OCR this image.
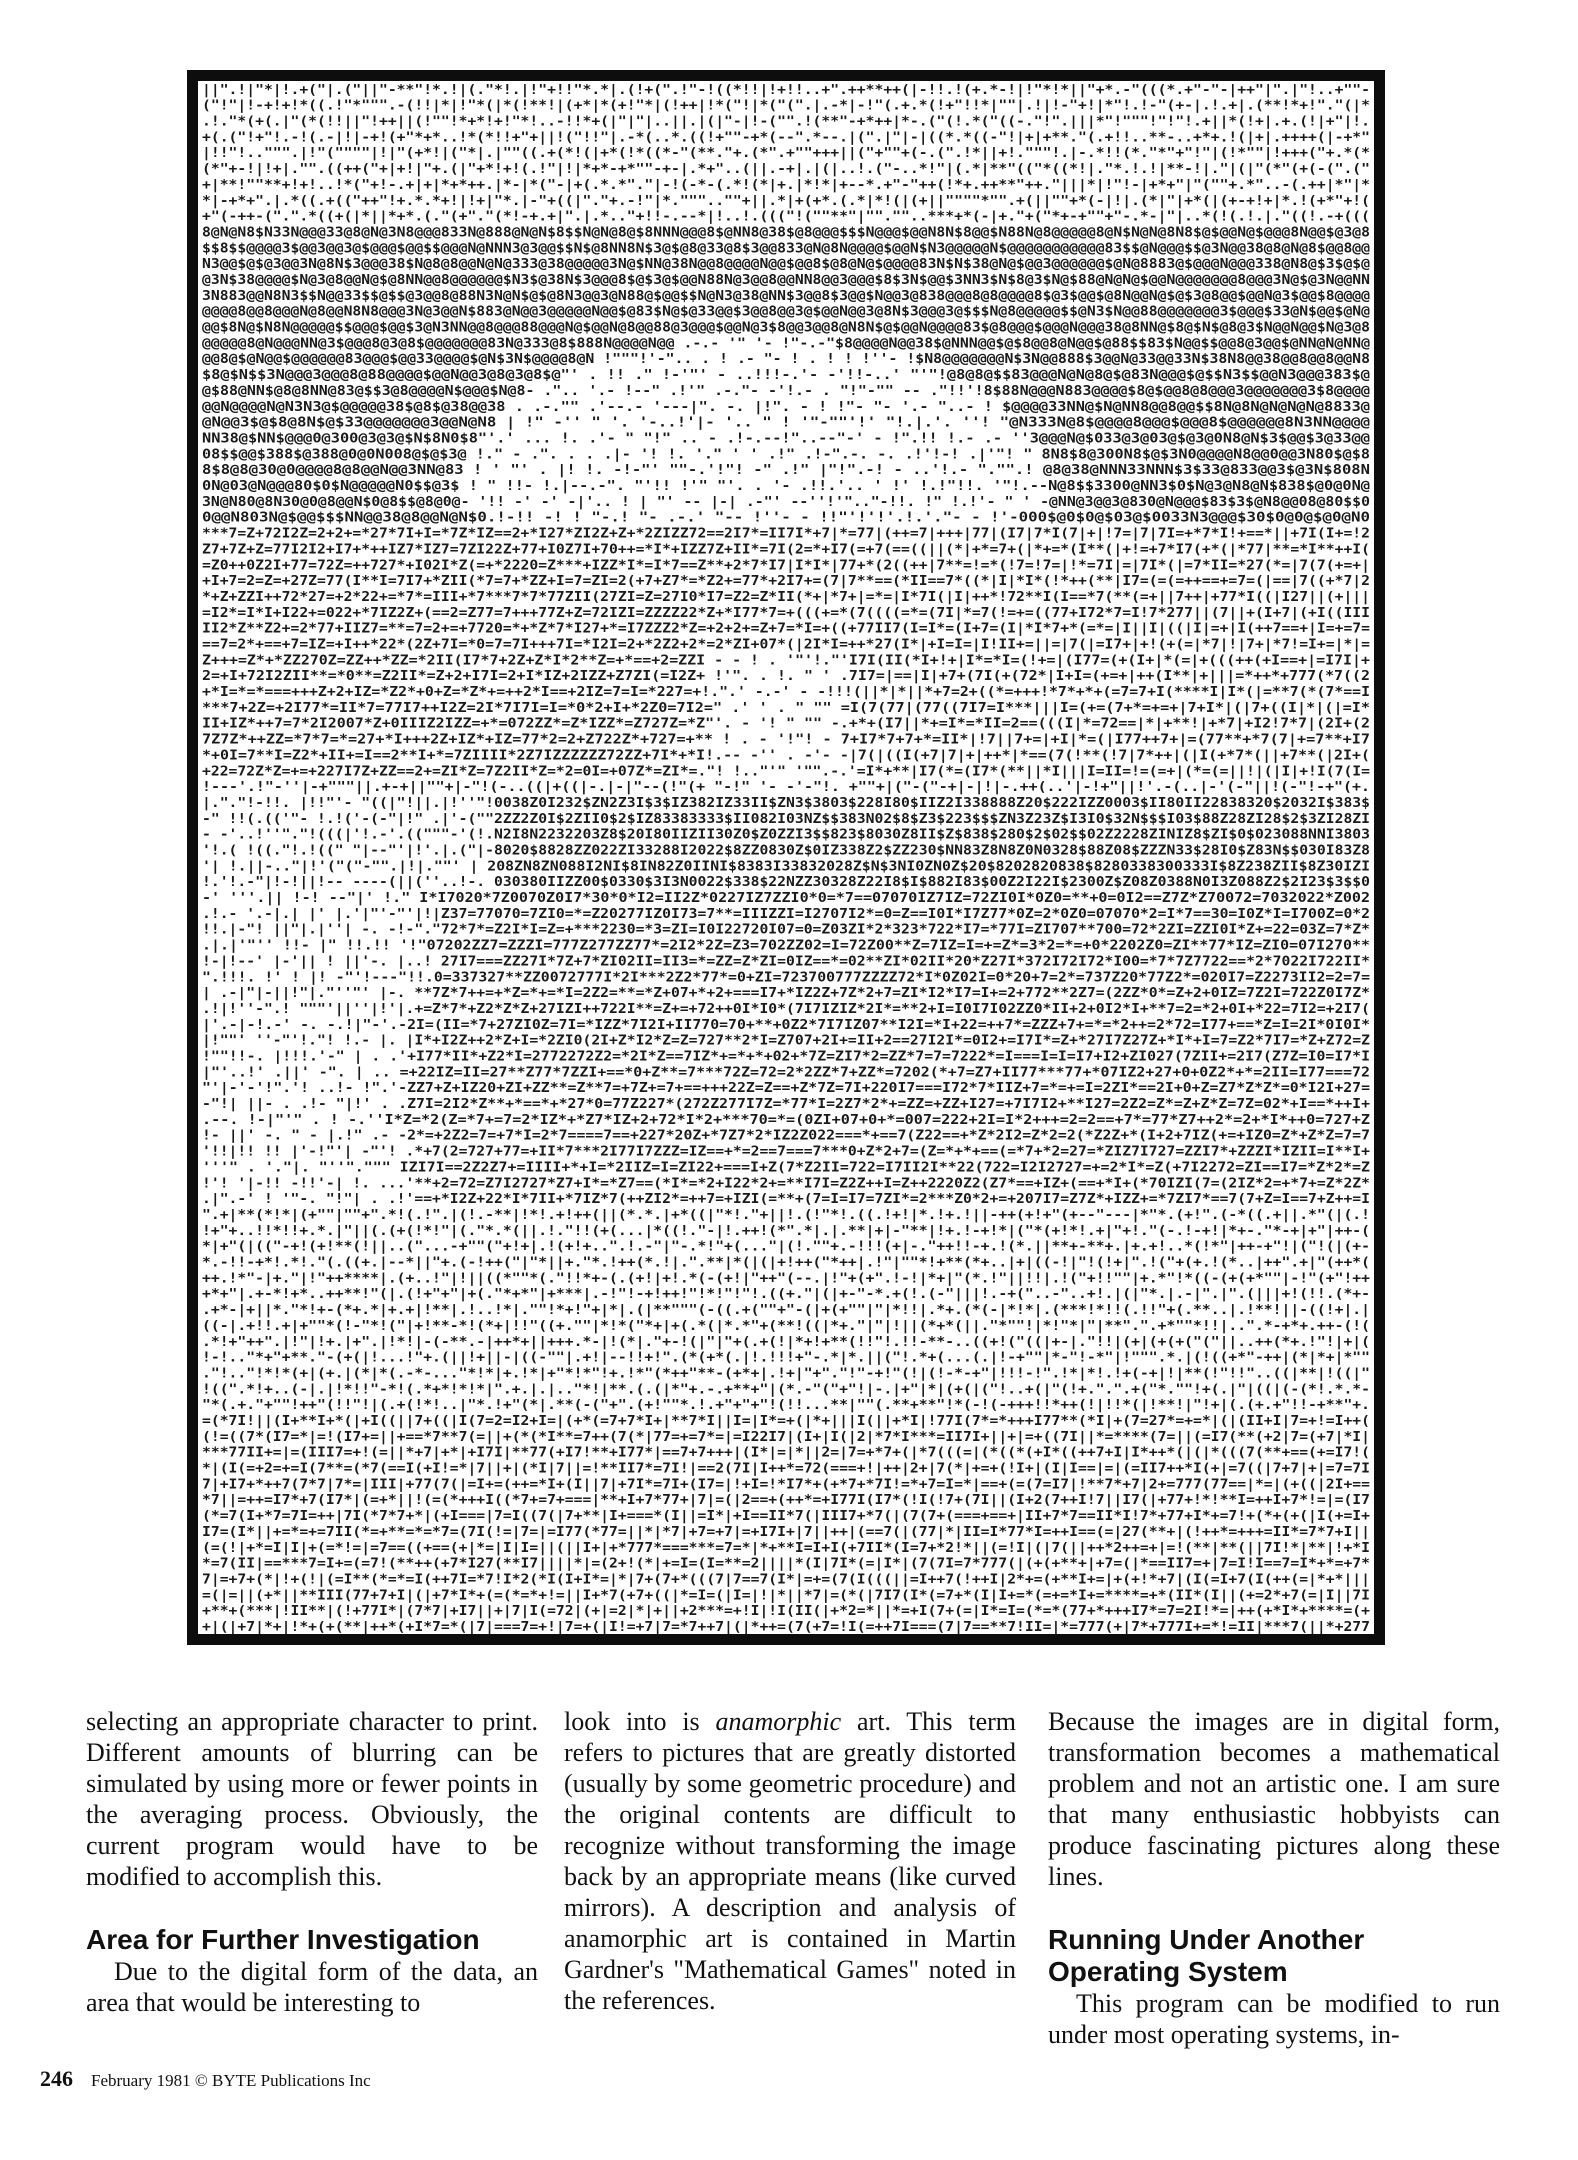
||".!|"*|!.+("|.("||"-**"!*.!|(."*!.|!"+!!"*.*|.(!+(".!"-!((*!!|!+!!..+".++**++(|-!!.!(+.*-!|!"*!*||"+*.-"(((*.+"-"-|++"|".|"!..+""-
("!"|!-+!+!*((.!"*""".-(!!|*|!"*(|*(!**!|(+*|*(+!"*|(!++|!*("!|*("(".|.-*|-!"(.+.*(!+"!!*|""|.!|!-"+!|*"!.!-"(+-|.!.+|.(**!*+!"."(|*
.!."*(+(.|"(*(!!||"!++||(!""!*+*!+!"*!..-!!*+(|"|"|..||.|(|"-|!-("".!(**"-+*++|*-.("(!.*("((-."!".|||*"!"""!"!"!.+||*(!+|.+.(!|+"|!.
+(.("!+"!.-!(.-|!|-+!(+"*+*..!*(*!!+"+||!("!!"|.-*(..*.((!+""-+*(--".*--.|(".|"|-|((*.*((-"!|+|+**."(.+!!..**-..+*+.!(|+|.++++(|-+*"
|!!"!..""".|!"(""""|!|"(+*!|("*|.|""((.+(*!(|+*(!*((*-"(**."+.(*".+""+++||("+""+(-.(".!*||+!."""!.|-.*!!(*."*"+"!"|(!*""|!+++("+.*(*
(*"+-!|!+|."".((++("+|+!|"+.(|"+*!+!(.!"|!|*+*-+*""-+-|.*+"..(||.-+|.|(|..!.("-..*!"|(.*|**"(("*((*!|."*.!.!|**-!|."|(|"(*"(+(-(".("
+|**!""**+!+!..!*("+!-.+|+|*+*++.|*-|*("-|+(.*.*"."|-!(-*-(.*!(*|+.|*!*|+--*.+"-"++(!*+.++**"++."|||*|!"!-|+*+"|"(""+.*"..-(.++|*"|*
*|-+*+".|.*((.+(("++"!+.*.*+!|!+|"*.|-"+((|"."+.-!"|*."""..""+||.*|+(+*.(.*|*!(|(+||""""*"".+(||""+*(-|!|.(*|"|+*(|(+-+!+|*.!(+*"+!(
+"(-++-(".".*((+(|*||*+*.(."(+"."(*!-+.+|".|.*.."+!!-.--*|!..!.((("!(""**"|"".""..***+*(-|+."+("*+-+""+"-.*-|"|..*(!(.!.|."((!.-+(((
8@N@N8$N33N@@@33@8@N@3N8@@@833N@888@N@N$8$$N@N@8@$8NNN@@@8$@NN8@38$@8@@@$$$N@@@$@@N8N$8@@$N88N@8@@@@@8@N$N@N@8N8$@$@@N@$@@@8N@@$@3@8
$$8$$@@@@3$@@3@@3@$@@@$@@$$@@@N@NNN3@3@@$$N$@8NN8N$3@$@8@33@8$3@@833@N@8N@@@@$@@N$N3@@@@@N$@@@@@@@@@@@83$$@N@@@$$@3N@@38@8@N@8$@@8@@
N3@@$@$@3@@3N@8N$3@@@38$N@8@8@@N@N@333@38@@@@@3N@$NN@38N@@8@@@@N@@$@@8$@8@N@$@@@@83N$N$38@N@$@@3@@@@@@$@N@8883@$@@@N@@@338@N8@$3$@$@
@3N$38@@@@$N@3@8@@N@$@8NN@@8@@@@@@$N3$@38N$3@@@8$@$3@$@@N88N@3@@8@@NN8@@3@@@$8$3N$@@$3NN3$N$8@3$N@$88@N@N@$@@N@@@@@@@8@@@3N@$@3N@@NN
3N883@@N8N3$$N@@33$$@$$@3@@8@88N3N@N$@$@8N3@@3@N88@$@@$$N@N3@38@NN$3@@8$3@@$N@@3@838@@@8@8@@@@8$@3$@@$@8N@@N@$@$3@8@@$@@N@3$@@$8@@@@
@@@@8@@8@@@N@8@@N8N8@@@3N@3@@N$883@N@@3@@@@@N@@$@83$N@$@33@@$3@@8@@3@$@@N@@3@8N$3@@@3@$$$N@8@@@@@$$@N3$N@@88@@@@@@@3$@@@$33@N$@@$@N@
@@$8N@$N8N@@@@@$$@@@$@@$3@N3NN@@8@@@88@@@N@$@@N@8@@88@3@@@$@@N@3$8@@3@@8@N8N$@$@@N@@@@83$@8@@@$@@@N@@@38@8NN@$8@$N$@8@3$N@@N@@$N@3@8
@@@@@8@N@@@NN@3$@@@8@3@8$@@@@@@@83N@333@8$888N@@@@N@@ .-.- '" '- !"-.-"$8@@@@N@@38$@NNN@@$@$8@@8@N@@$@88$$83$N@@$$@@8@3@@$@NN@N@NN@
@@8@$@N@@$@@@@@@83@@@$@@33@@@@$@N$3N$@@@@8@N !"""!'-".. . ! .- "- ! . ! ! !''- !$N8@@@@@@@N$3N@@888$3@@N@33@@33N$38N8@@38@@8@@8@@N8
$8@$N$$3N@@@3@@@8@88@@@@$@@N@@3@8@3@8$@"' . !! ." !-'"' - ..!!!-.'- -'!!-..' "'"!@8@8@$$83@@@N@N@8@$@83N@@@$@$$N3$$@@N3@@@383$@
@$88@NN$@8@8NN@83@$$3@8@@@@N$@@@$N@8- .".. '.- !--" .!'" .-."- -'!.- . "!"-"" -- ."!!'!8$88N@@@N883@@@@$8@$@@8@8@@@3@@@@@@@3$8@@@@
@@N@@@@N@N3N3@$@@@@@38$@8$@38@@38 . .-."" .'--.- '---|". -. |!". - ! !"- "- '.- "..- ! $@@@@33NN@$N@NN8@@8@@$$8N@8N@N@N@N@8833@
@N@@3$@$8@8N$@$33@@@@@@@3@@N@N8 | !" -'' " '. '-..!'|- '.. " ! '"-""'!' "!.|.'. ''! "@N333N@8$@@@@8@@@$@@@8$@@@@@@8N3NN@@@@
NN38@$NN$@@@0@300@3@3@$N$8N0$8"'.' ... !. .'- " "!" .. - .!-.--!"..--"-' - !".!! !.- .- ''3@@@N@$033@3@03@$@3@0N8@N$3$@@$3@33@@
08$$@@$388$@388@0@0N008@$@$3@ !." - .". . . .|- '! !. '." ' ' .!" .!-".-. -. .!'!-! .|'"! " 8N8$8@300N8$@$3N0@@@@N8@@0@@3N80$@$8
8$8@8@30@0@@@@8@8@@N@@3NN@83 ! ' "' . |! !. -!-"' ""-.'!"! -" .!" |"!".-! - ..'!.- "."".! @8@38@NNN33NNN$3$33@833@@3$@3N$808N
0N@03@N@@@80$0$N@@@@@N0$$@3$ ! " !!- !.|--.-". "'!! !'" "'. . '- .!!.'.. ' !' !.!"!!. '"!.--N@8$$3300@NN3$0$N@3@N8@N$838$@0@0N@
3N@N80@8N30@0@8@@N$0@8$$@8@0@- '!! -' -' -|'.. ! | "' -- |-| .-"' --''!'".."-!!. !" !.!'- " ' -@NN@3@@3@830@N@@@$83$3$@N8@@08@80$$0
0@@N803N@$@@$$$NN@@38@8@@N@N$0.!-!! -! ! "-.! "- .-.' "-- !''- - !!"'!'!'.!.'."- - !'-000$@0$0@$03@$0033N3@@@$30$0@0@$@0@N0
***7=Z+72I2Z=2+2+=*27*7I+I=*7Z*IZ==2+*I27*ZI2Z+Z+*2ZIZZ72==2I7*=II7I*+7|*=77|(++=7|+++|77|(I7|7*I(7|+|!7=|7|7I=+*7*I!+==*||+7I(I+=!2
Z7+7Z+Z=77I2I2+I7+*++IZ7*IZ7=7ZI22Z+77+I0Z7I+70++=*I*+IZZ7Z+II*=7I(2=*+I7(=+7(==((||(*|+*=7+(|*+=*(I**(|+!=+7*I7(+*(|*77|**=*I**++I(
=Z0++0Z2I+77=72Z=++727*+I02I*Z(=+*2220=Z***+IZZ*I*=I*7==Z**+2*7*I7|I*I*|77+*(2((++|7**=!=*(!7=!7=|!*=7I|=|7I*(|=7*II=*27(*=|7(7(+=+|
+I+7=2=Z=+27Z=77(I**I=7I7+*ZII(*7=7+*ZZ+I=7=ZI=2(+7+Z7*=*Z2+=77*+2I7+=(7|7**==(*II==7*((*|I|*I*(!*++(**|I7=(=(=++==+=7=(|==|7((+*7|2
*+Z+ZZI++72*27=+2*22+=*7*=III+*7***7*7*77ZII(27ZI=Z=27I0*I7=Z2=Z*II(*+|*7+|=*=|I*7I(|I|++*!72**I(I==*7(**(=+||7++|+77*I((|I27||(+|||
=I2*=I*I+I22+=022+*7IZ2Z+(==2=Z77=7+++77Z+Z=72IZI=ZZZZ22*Z+*I77*7=+(((+=*(7((((=*=(7I|*=7(!=+=((77+I72*7=I!7*277||(7||+(I+7|(+I((III
II2*Z**Z2+=2*77+IIZ7=**=7=2+=+7720=*+*Z*7*I27+*=I7ZZZ2*Z=+2+2+=Z+7=*I=+((+77II7(I=I*=(I+7=(I|*I*7+*(=*=|I||I|((|I|=+|I(++7==+|I=+=7=
==7=2*+==+7=IZ=+I++*22*(2Z+7I=*0=7=7I+++7I=*I2I=2+*2Z2+2*=2*ZI+07*(|2I*I=++*27(I*|+I=I=|I!II+=||=|7(|=I7+|+!(+(=|*7|!|7+|*7!=I+=|*|=
Z+++=Z*+*ZZ270Z=ZZ++*ZZ=*2II(I7*7+2Z+Z*I*2**Z=+*==+2=ZZI - - ! . '"'!."'I7I(II(*I+!+|I*=*I=(!+=|(I77=(+(I+|*(=|+(((++(+I==+|=I7I|+
2=+I+72I2ZII**=*0**=Z2II*=Z+2+I7I=2+I*IZ+2IZZ+Z7ZI(=I2Z+ !'". . !. " ' .7I7=|==|I|+7+(7I(+(72*|I+I=(+=+|++(I**|+|||=*++*+777(*7((2
+*I=*=*===+++Z+2+IZ=*Z2*+0+Z=*Z*+=++2*I==+2IZ=7=I=*227=+!.".' -.-' - -!!!(||*|*||*+7=2+((*=+++!*7*+*+(=7=7+I(****I|I*(|=**7(*(7*==I
***7+2Z=+2I77*=II*7=77I7++I2Z=2I*7I7I=I=*0*2+I+*2Z0=7I2=" .' ' . " "" =I(7(77|(77((7I7=I***|||I=(+=(7+*=+=+|7+I*|(|7+((I|*|(|=I*
II+IZ*++7=7*2I2007*Z+0IIIZ2IZZ=+*=072ZZ*=Z*IZZ*=Z727Z=*Z"'. - '! " "" -.+*+(I7||*+=I*=*II=2==(((I|*=72==|*|+**!|+*7|+I2!7*7|(2I+(2
7Z7Z*++ZZ=*7*7=*=27+*I+++2Z+IZ*+IZ=77*2=2+Z722Z*+727=+** ! . - '!"! - 7+I7*7+7+*=II*|!7||7+=|+I|*=(|I77++7+|=(77**+*7(7|+=7**+I7
*+0I=7**I=Z2*+II+=I==2**I+*=7ZIIII*2Z7IZZZZZZ72ZZ+7I*+*I!.-- -'' . -'- -|7(|((I(+7|7|+|++*|*==(7(!**(!7|7*++|(|I(+*7*(||+7**(|2I+(
+22=72Z*Z=+=+227I7Z+ZZ==2+=ZI*Z=7Z2II*Z=*2=0I=+07Z*=ZI*=."! !.."'" '"".-.'=I*+**|I7(*=(I7*(**||*I|||I=II=!=(=+|(*=(=||!|(|I|+!I(7(I=
!---'.!"-''|-+"""||.+-+||""+|-"!(-..((|+((|-.|-|"--(!"(+ "-!" '- -'-"!. +""+|("-("-+|-|!|-.++(..'|-!+"||!'.-(..|-'(-"||!(-"!-+"(+.
|."."!-!!. |!!"'- "((|"!||.|!''"!0038Z0I232$ZN2Z3I$3$IZ382IZ33II$ZN3$3803$228I80$IIZ2I338888Z20$222IZZ0003$II80II22838320$2032I$383$
-" !!(.(('"- !.!('-(-"|!" .|'-(""2ZZ2Z0I$2ZII0$2$IZ83383333$II082I03NZ$$383N02$8$Z3$223$$$ZN3Z23Z$I3I0$32N$$$I03$88Z28ZI28$2$3ZI28ZI
- -'..!''"."!(((|'!.-'.(("""-'(!.N2I8N2232203Z8$20I80IIZII30Z0$Z0ZZI3$$823$8030Z8II$Z$838$280$2$02$$02Z2228ZINIZ8$ZI$0$023088NNI3803
'!.( !((."!.!((" "|--"'|!'.|.("|-8020$8828ZZ022ZI33288I2022$8ZZ0830Z$0IZ338Z2$ZZ230$NN83Z8N8Z0N0328$88Z08$ZZZN33$28I0$Z83N$$030I83Z8
'| !.||-.."|!'("("-"".|!|.""' | 208ZN8ZN088I2NI$8IN82Z0IINI$8383I33832028Z$N$3NI0ZN0Z$20$8202820838$8280338300333I$8Z238ZII$8Z30IZI
!.'!.-"|!-!||!-- ----(||(''..!-. 030380IIZZ00$0330$3I3N0022$338$22NZZ30328Z22I8$I$882I83$00Z2I22I$2300Z$Z08Z0388N0I3Z088Z2$2I23$3$$0
-' '''.|| !-! --"|' !." I*I7020*7Z0070Z0I7*30*0*I2=II2Z*0227IZ7ZZI0*0=*7==07070IZ7IZ=72ZI0I*0Z0=**+0=0I2==Z7Z*Z70072=7032022*Z002
.!.- '.-|.| |' |.'|"'-"'|!|Z37=77070=7ZI0=*=Z20277IZ0I73=7**=IIIZZI=I2707I2*=0=Z==I0I*I7Z77*0Z=2*0Z0=07070*2=I*7==30=I0Z*I=I700Z=0*2
!!.|-"! ||"|.|''| -. -!-"."72*7*=Z2I*I=Z=+***2230=*3=ZI=I0I22720I07=0=Z03ZI*2*323*722*I7=*77I=ZI707**700=72*2ZI=ZZI0I*Z+=22=03Z=7*Z*
.|.|'"'' !!- |" !!.!! '!"07202ZZ7=ZZZI=777Z277ZZ77*=2I2*2Z=Z3=702ZZ02=I=72Z00**Z=7IZ=I=+=Z*=3*2=*=+0*2202Z0=ZI**77*IZ=ZI0=07I270**
!-|!--' |-'|| ! ||'-. |..! 27I7===ZZ27I*7Z+7*ZI02II=II3=*=ZZ=Z*ZI=0IZ==*=02**ZI*02II*20*Z27I*372I72I72*I00=*7*7Z7722==*2*7022I722II*
".!!!. !' ! |! -"'!---"!!.0=337327**ZZ0072777I*2I***2Z2*77*=0+ZI=723700777ZZZZ72*I*0Z02I=0*20+7=2*=737Z20*77Z2*=020I7=Z2273II2=2=7=
| .-|"|-||!"|."''"' |-. **7Z*7++=+*Z=*+=*I=2Z2=**=*Z+07+*+2+===I7+*IZ2Z+7Z*2+7=ZI*I2*I7=I+=2+772**2Z7=(2ZZ*0*=Z+2+0IZ=7Z2I=722Z0I7Z*
.!|!''-".! """'||''|!'|.+=Z*7*+Z2*Z*Z+27IZI++722I**=Z+=+72++0I*I0*(7I7IZIZ*2I*=**2+I=I0I7I02ZZ0*II+2+0I2*I+**7=2=*2+0I+*22=7I2=+2I7(
|'.-|-!.-' -. -.!|"-'.-2I=(II=*7+27ZI0Z=7I=*IZZ*7I2I+II770=70+**+0Z2*7I7IZ07**I2I=*I+22=++7*=ZZZ+7+=*=*2++=2*72=I77+==*Z=I=2I*0I0I*
|!""' ''-"'!."! !.- |. |I*+I2Z++2*Z+I=*2ZI0(2I+Z*I2*Z=Z=727**2*I=Z707+2I+=II+2==27I2I*=0I2+=I7I*=Z+*27I7Z27Z+*I*+I=7=Z2*7I7=*Z+Z72=Z
!""!!-. |!!!.'-" | . .'+I77*II*+Z2*I=2772272Z2=*2I*Z==7IZ*+=*+*+02+*7Z=ZI7*2=ZZ*7=7=7222*=I===I=I=I7+I2+ZI027(7ZII+=2I7(Z7Z=I0=I7*I
|"'..!' .||' -". | .. =+22IZ=II=27**Z77*7ZZI+==*0+Z**=7***72Z=72=2*2ZZ*7+ZZ*=7202(*+7=Z7+II77***77+*07IZ2+27+0+0Z2*+*=2II=I77===72
"'|-'-'!".'! ..!- !".'-ZZ7+Z+IZ20+ZI+ZZ**=Z**7=+7Z+=7+==+++22Z=Z==+Z*7Z=7I+220I7===I72*7*IIZ+7=*=+=I=2ZI*==2I+0+Z=Z7*Z*Z*=0*I2I+27=
-"!| ||- . .!- "|!' . .Z7I=2I2*Z**+*==*+*27*0=77Z227*(272Z277I7Z=*77*I=2Z7*2*+=ZZ=+ZZ+I27=+7I7I2+**I27=2Z2=Z*=Z+Z*Z=7Z=02*+I==*++I+
.--. !-|"'" . ! -.''I*Z=*2(Z=*7+=7=2*IZ*+*Z7*IZ+2+72*I*2+***70=*=(0ZI+07+0+*=007=222+2I=I*2+++=2=2==+7*=77*Z7++2*=2+*I*++0=727+Z
!- ||' -. " - |.!" .- -2*=+2Z2=7=+7*I=2*7====7==+227*20Z+*7Z7*2*IZ2Z022===*+==7(Z22==+*Z*2I2=Z*2=2(*Z2Z+*(I+2+7IZ(+=+IZ0=Z*+Z*Z=7=7
'!!|!! !! |'-!"'| -"'! .*+7(2=727+77=+II*7***2I77I7ZZZ=IZ==+*=2==7===7***0+Z*2+7=(Z=*+*+==(=*7+*2=27=*ZIZ7I727=ZZI7*+ZZZI*IZII=I**I+
'''" . '."|. "''".""" IZI7I==2Z2Z7+=IIII+*+I=*2IIZ=I=ZI22+===I+Z(7*Z2II=722=I7II2I**22(722=I2I2727=+=2*I*=Z(+7I2272=ZI==I7=*Z*2*=Z
!'! '|-!! -!!'-| !. ...'**+2=72=Z7I2727*Z7+I*=*Z7==(*I*=*2+I22*2+=**I7I=Z2Z++I=Z++2220Z2(Z7*==+IZ+(==+*I+(*70IZI(7=(2IZ*2=+*7+=Z*2Z*
.|".-' ! '"-. "!"| . .!'==+*I2Z+22*I*7II+*7IZ*7(++ZI2*=++7=+IZI(=**+(7=I=I7=7ZI*=2***Z0*2+=+207I7=Z7Z*+IZZ+=*7ZI7*==7(7+Z=I==7+Z++=I
".+|**(*!*|(+""|""+".*!(.!".|(!.-**|!*!.+!++(||(*.*.|+*((|"*!."+||!.(!"*!.((.!+!|*.!+.!||-++(+!+"(+--"---|*"*.(+!".(-*((.+||.*"(|(.!
!+"+..!!*!!+.*.|"||(.(+(!*!"|(."*.*(||.!."!!(+(...|*((!."-|!.++!(*".*|.|.**|+|-"**|!+.!-+!*|("*(+!*!.+|"+!."(-.!-+!|*+-."*-+|+"|++-(
*|+"(|(("-+!(+!**(!||..("...-+""("+!+|.!(+!+..".!.-"|"-.*!"+(..."|(!.""+.-!!!(+|-."++!!-+.!(*.||**+-**+.|+.+!..*(!*"|++-+"!|("!(|(+-
*.-!!-+*!.*!."(.((+.|--*||"+.(-!++("|"*||+."*.!++(*.!|.".**|*(|(|+!++("*++|.!"|""*!+**(*+..|+|((-!|"!(!+|".!("+(+.!(*..|++".+|"(++*(
++.!*"-|+."|!"++****|.(+..!"|!||((*""*(."!!*+-(.(+!|+!.*(-(+!|"++"(--.|!"+(+".!-!|*+|"(*.!"||!!|.!("+!!""|+.*"!*((-(+(+*""|-!"(+"!++
+*+"|.+-*!+*..++**!"(|.(!+"+"|+(."*+*"|+***|.-!"!-+!++!"!*!"!"!.((+."|(|+-"-*.+(!.(-"|||!.-+("..-"..+!.|(|"*.|.-|".|".(|||+!(!!.(*+-
.+*-|+||*."*!+-(*+.*|+.+|!**|.!..!*|.""!*+!"+|*|.(|**"""(-((.+(""+"-(|+(+""|"|*!!|.*+.(*(-|*!*|.(***!*!!(.!!"+(.**..|.!**!||-((!+|.|
((-|.+!!.+|+""*(!-"*!("|+!**-*!(*+|!!"((+.""|*!*("*+|+(.*(|*.*"+(**!((|*+."|"|!||(*+*(||."*""!|*!"*|"|**".".+*""*!!|..".*-+*+.++-(!(
.*!+"++".|!"|!+.|+".|!*!|-(-**.-|++*+||+++.*-|!(*|."+-!(|"|"+(.+(!|*+!+**(!!"!.!!-**-..((+!("((|+-|."!!|(+|(+(+("("||..++(*+.!"!|+|(
!-!.."*+"+**."-(+(|!...!"+.(||!+||-|((-""|.+!|--!!+!".(*(+*(.|!.!!!+"-.*|*.||("!.*+(...(.|!-+""|*-"!-*"|!""".*.|(!((+*"-++|(*|*+|*""
."!.."!*!*(+|(+.|(*|*(.-*-..."*!*|+.!*|+"*!*"!+.!*"(*++"**-(+*+|.!+|"+"."!"-+!"(!|(!-*-+"|!!!-!".!*|*!.!+(-+|!|**(!"!!"..((|**|!((|"
!((".*!+..(-|.|!*!!"-*!(.*+*!*!*|".+.|.|.."*!|**.(.(|*"+.-.+**+"|(*.-"("+"!|-.|+"|*|(+(|("!..+(|"(!+.".".+("*.""!+(.|"|((|(-(*!.*.*-
"*(.+."+""!++"(!!"!|(.+(!*!..|"*.!+"(*|.**(-("+".(+!""*.!.+"+"+"!(!!...**|""(.**+**"!*(-!(-+++!!*++(!|!!*(|!**!|"!+|(.(+.+"!!-+**"+.
=(*7I!||(I+**I+*(|+I((||7+((|I(7=2=I2+I=|(+*(=7+7*I+|**7*I||I=|I*=+(|*+|||I(||+*I|!77I(7*=*+++I77**(*I|+(7=27*=+=*|(|(II+I|7=+!=I++(
(!=((7*(I7=*|=!(I7+=||+==*7**7(=||+(*(*I**=7++(7(*|77=+=7*=|=I22I7|(I+|I(|2|*7*I***=II7I+||+|=+((7I||*=****(7=||(=I7(**(+2|7=(+7|*I|
***77II+=|=(III7=+!(=||*+7|+*|+I7I|**77(+I7!**+I77*|==7+7+++|(I*|=|*||2=|7=+*7+(|*7(((=|(*((*(+I*((++7+I|I*++*(|(|*(((7(**+==(+=I7!(
*|(I(=+2=+=I(7**=(*7(==I(+I!=*|7||+|(*I|7||=!**II7*=7I!|==2(7I|I++*=72(===+!|++|2+|7(*|+=+(!I+|(I|I==|=|(=II7++*I(+|=7((|7+7|+|=7=7I
7|+I7+*++7(7*7|7*=|III|+77(7(|=I+=(++=*I+(I||7|+7I*=7I+(I7=|!+I=!*I7*+(+*7+*7I!=*+7=I=*|==+(=(7=I7|!**7*+7|2+=777(77==|*=|(+((|2I+==
*7||=++=I7*+7(I7*|(=+*||!(=(*+++I((*7+=7+===|**+I+7*77+|7|=(|2==+(++*=+I77I(I7*(!I(!7+(7I||(I+2(7++I!7||I7(|+77+!*!**I=++I+7*!=|=(I7
(*=7(I+*7=7I=++|7I(*7*7+*|(+I===|7=I((7(|7+**|I+===*(I||=I*|+I==II*7(|III7+*7(|(7(7+(===+==+|II+7*7==II*I!7*+77+I*+=7!+(*+(+(|I(+=I+
I7=(I*||+=*=+=7II(*=+**=*=*7=(7I(!=|7=|=I77(*77=||*|*7|+7=+7|=+I7I+|7||++|(==7(|(77|*|II=I*77*I=++I==(=|27(**+|(!++*=+++=II*=7*7+I||
(=(!|+*=I|I|+(=*!=|=7==((+==(+|*=|I|I=||(||I+|+*777*===***=7=*|*+**I=I+I(+7II*(I=7+*2!*||(=!I|(|7(||++*2++=+|=!(**|**(||7I!*|**|!+*I
*=7(II|==***7=I+=(=7!(**++(+7*I27(**I7||||*|=(2+!(*|+=I=(I=**=2||||*(I|7I*(=|I*|(7(7I=7*777(|(+(+**+|+7=(|*==II7=+|7=I!I==7=I*+*=+7*
7|=+7+(*|!+(!|(=I**(*=*=I(++7I=*7!I*2(*I(I+I*=|*|7+(7+*(((7|7==7(I*|=+=(7(I(((||=I++7(!++I|2*+=(+**I+=|+(+!*+7|(I(=I+7(I(++(=|*+*|||
=(|=||(+*||**III(77+7+I|(|+7*I*+(=(*=*+!=||I+*7(+7+((|*=I=(|I=|!|*||*7|=(*(|7I7(I*(=7+*(I|I+=*(=+=*I+=****=+*(II*(I||(+=2*+7(=|I||7I
+**+(***|!II**|(!+77I*|(7*7|+I7||+|7|I(=72|(+|=2|*|+||+2***=+!I|!I(II(|+*2=*||*=+I(7+(=|I*=I=(*=*(77+*+++I7*=7=2I!*=|++(+*I*+****=(+
+|(|+7|*+|!*+(+(**|++*(+I*7=*(|7|===7=+!|7=+(|I!=+7|7=*7++7|(|*++=(7(+7=!I(=++7I===(7|7==**7!II=|*=777(+|7*+777I+=*!=II|***7(||*+277

selecting an appropriate character to print. Different amounts of blurring can be simulated by using more or fewer points in the averaging process. Obviously, the current program would have to be modified to accomplish this.

Area for Further Investigation

Due to the digital form of the data, an area that would be interesting to

look into is anamorphic art. This term refers to pictures that are greatly distorted (usually by some geometric procedure) and the original contents are difficult to recognize without transforming the image back by an appropriate means (like curved mirrors). A description and analysis of anamorphic art is contained in Martin Gardner's "Mathematical Games" noted in the references.

Because the images are in digital form, transformation becomes a mathematical problem and not an artistic one. I am sure that many enthusiastic hobbyists can produce fascinating pictures along these lines.

Running Under Another Operating System

This program can be modified to run under most operating systems, in-

246 February 1981 © BYTE Publications Inc
